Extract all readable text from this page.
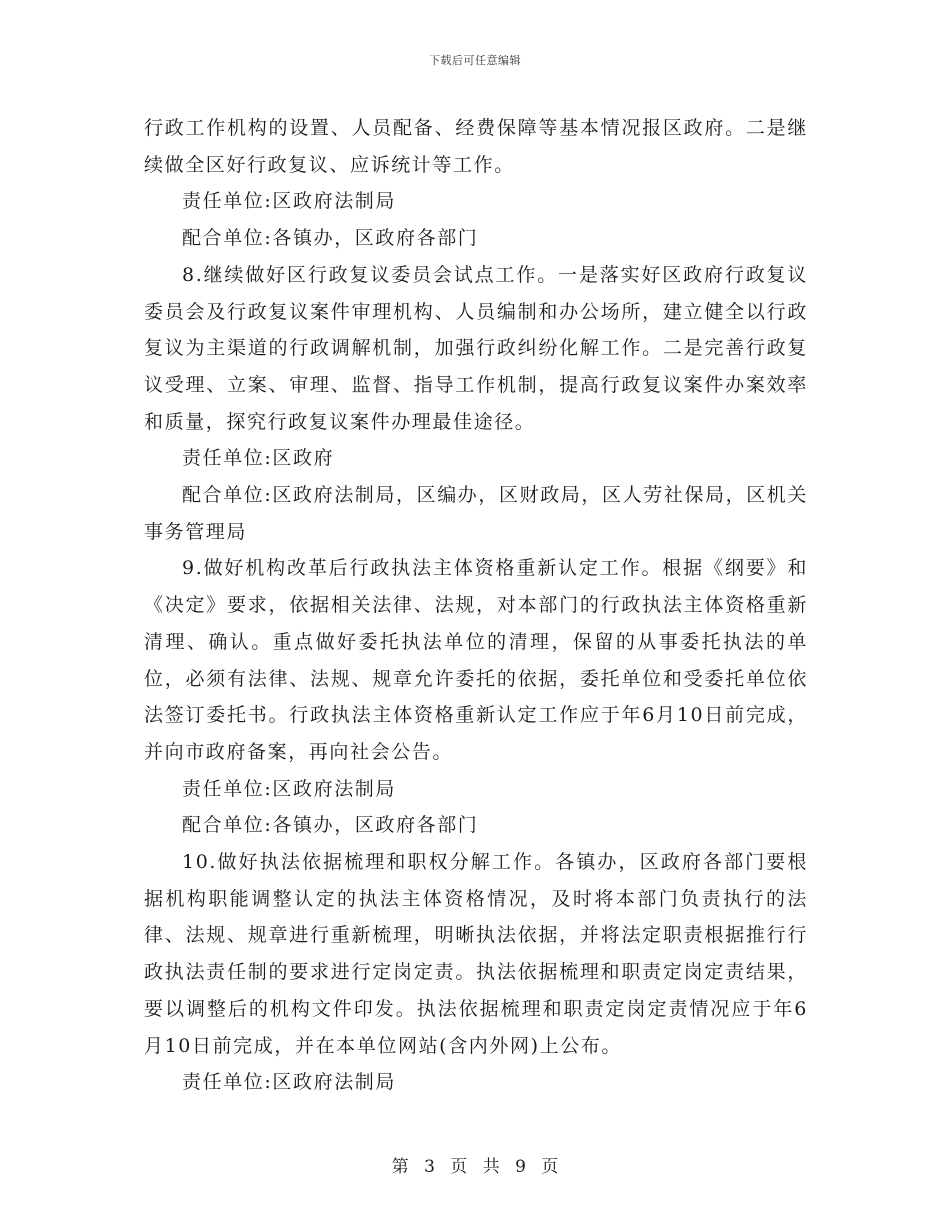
下载后可任意编辑

行政工作机构的设置、人员配备、经费保障等基本情况报区政府。二是继续做全区好行政复议、应诉统计等工作。

责任单位:区政府法制局

配合单位:各镇办，区政府各部门

8.继续做好区行政复议委员会试点工作。一是落实好区政府行政复议委员会及行政复议案件审理机构、人员编制和办公场所，建立健全以行政复议为主渠道的行政调解机制，加强行政纠纷化解工作。二是完善行政复议受理、立案、审理、监督、指导工作机制，提高行政复议案件办案效率和质量，探究行政复议案件办理最佳途径。

责任单位:区政府

配合单位:区政府法制局，区编办，区财政局，区人劳社保局，区机关事务管理局

9.做好机构改革后行政执法主体资格重新认定工作。根据《纲要》和《决定》要求，依据相关法律、法规，对本部门的行政执法主体资格重新清理、确认。重点做好委托执法单位的清理，保留的从事委托执法的单位，必须有法律、法规、规章允许委托的依据，委托单位和受委托单位依法签订委托书。行政执法主体资格重新认定工作应于年6月10日前完成，并向市政府备案，再向社会公告。

责任单位:区政府法制局

配合单位:各镇办，区政府各部门

10.做好执法依据梳理和职权分解工作。各镇办，区政府各部门要根据机构职能调整认定的执法主体资格情况，及时将本部门负责执行的法律、法规、规章进行重新梳理，明晰执法依据，并将法定职责根据推行行政执法责任制的要求进行定岗定责。执法依据梳理和职责定岗定责结果，要以调整后的机构文件印发。执法依据梳理和职责定岗定责情况应于年6月10日前完成，并在本单位网站(含内外网)上公布。

责任单位:区政府法制局

第 3 页 共 9 页
